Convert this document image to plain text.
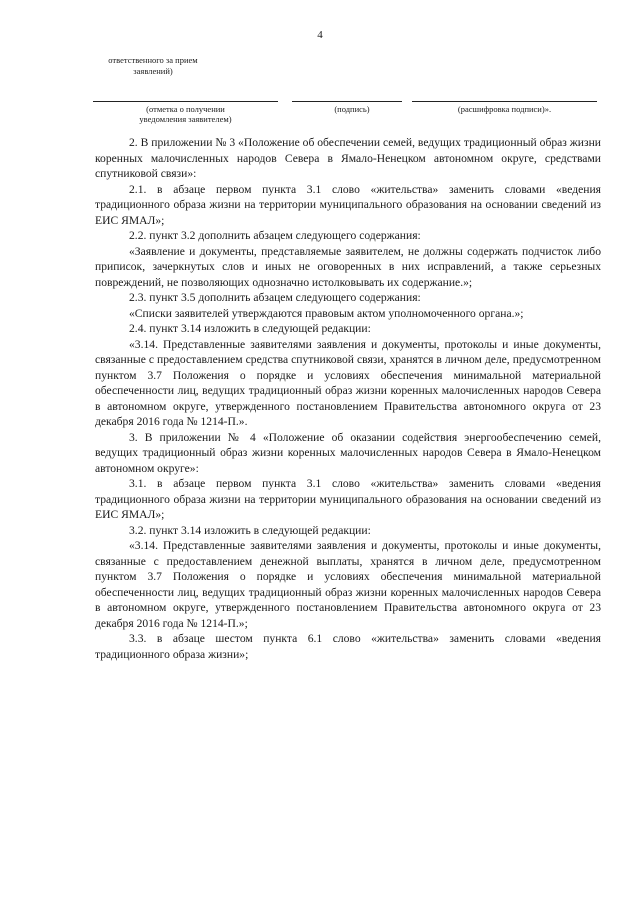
4
ответственного за прием
заявлений)
(отметка о получении
уведомления заявителем)
(подпись)	(расшифровка подписи)».

2. В приложении № 3 «Положение об обеспечении семей, ведущих традиционный образ жизни коренных малочисленных народов Севера в Ямало-Ненецком автономном округе, средствами спутниковой связи»:

2.1. в абзаце первом пункта 3.1 слово «жительства» заменить словами «ведения традиционного образа жизни на территории муниципального образования на основании сведений из ЕИС ЯМАЛ»;

2.2. пункт 3.2 дополнить абзацем следующего содержания:

«Заявление и документы, представляемые заявителем, не должны содержать подчисток либо приписок, зачеркнутых слов и иных не оговоренных в них исправлений, а также серьезных повреждений, не позволяющих однозначно истолковывать их содержание.»;

2.3. пункт 3.5 дополнить абзацем следующего содержания:

«Списки заявителей утверждаются правовым актом уполномоченного органа.»;

2.4. пункт 3.14 изложить в следующей редакции:

«3.14. Представленные заявителями заявления и документы, протоколы и иные документы, связанные с предоставлением средства спутниковой связи, хранятся в личном деле, предусмотренном пунктом 3.7 Положения о порядке и условиях обеспечения минимальной материальной обеспеченности лиц, ведущих традиционный образ жизни коренных малочисленных народов Севера в автономном округе, утвержденного постановлением Правительства автономного округа от 23 декабря 2016 года № 1214-П.».

3. В приложении № 4 «Положение об оказании содействия энергообеспечению семей, ведущих традиционный образ жизни коренных малочисленных народов Севера в Ямало-Ненецком автономном округе»:

3.1. в абзаце первом пункта 3.1 слово «жительства» заменить словами «ведения традиционного образа жизни на территории муниципального образования на основании сведений из ЕИС ЯМАЛ»;

3.2. пункт 3.14 изложить в следующей редакции:

«3.14. Представленные заявителями заявления и документы, протоколы и иные документы, связанные с предоставлением денежной выплаты, хранятся в личном деле, предусмотренном пунктом 3.7 Положения о порядке и условиях обеспечения минимальной материальной обеспеченности лиц, ведущих традиционный образ жизни коренных малочисленных народов Севера в автономном округе, утвержденного постановлением Правительства автономного округа от 23 декабря 2016 года № 1214-П.»;

3.3. в абзаце шестом пункта 6.1 слово «жительства» заменить словами «ведения традиционного образа жизни»;
